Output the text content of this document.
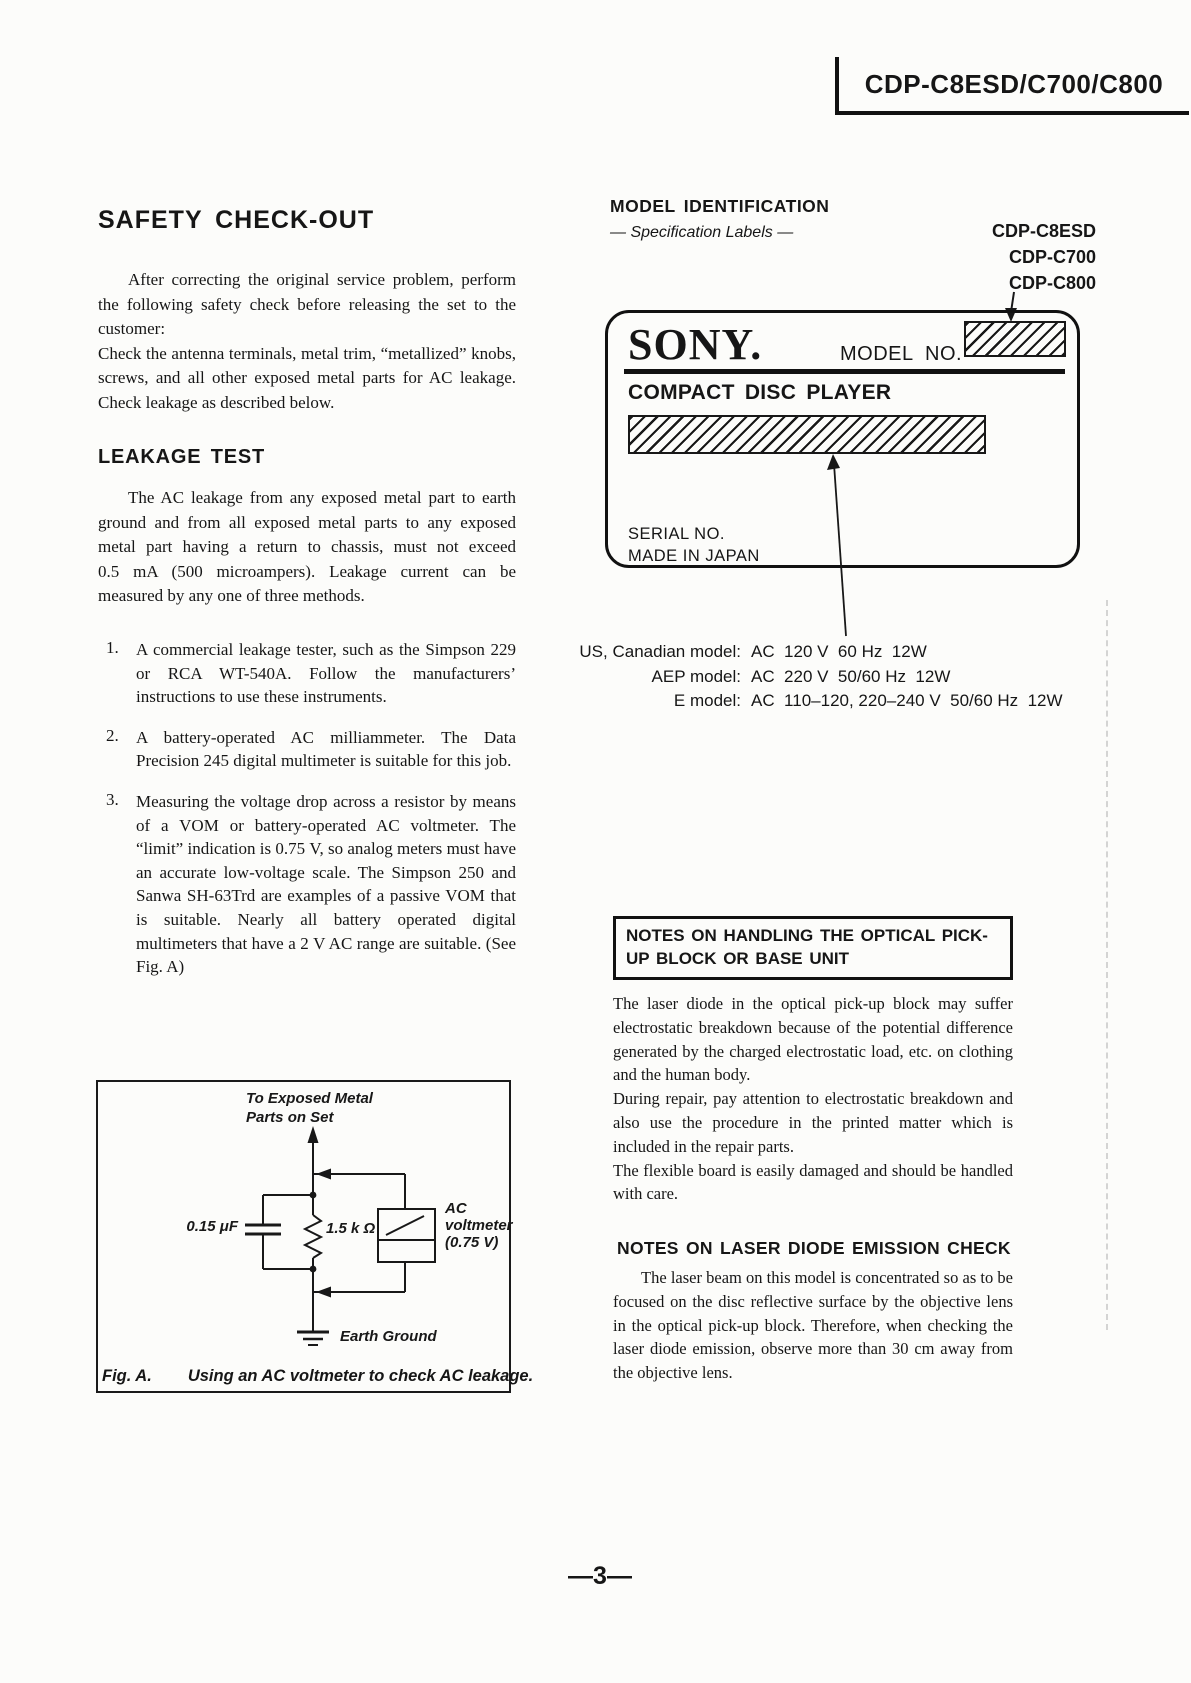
CDP-C8ESD/C700/C800
SAFETY CHECK-OUT
After correcting the original service problem, perform the following safety check before releasing the set to the customer:
Check the antenna terminals, metal trim, “metallized” knobs, screws, and all other exposed metal parts for AC leakage. Check leakage as described below.
LEAKAGE TEST
The AC leakage from any exposed metal part to earth ground and from all exposed metal parts to any exposed metal part having a return to chassis, must not exceed 0.5 mA (500 microampers). Leakage current can be measured by any one of three methods.
1.	A commercial leakage tester, such as the Simpson 229 or RCA WT-540A. Follow the manufacturers’ instructions to use these instruments.
2.	A battery-operated AC milliammeter. The Data Precision 245 digital multimeter is suitable for this job.
3.	Measuring the voltage drop across a resistor by means of a VOM or battery-operated AC voltmeter. The “limit” indication is 0.75 V, so analog meters must have an accurate low-voltage scale. The Simpson 250 and Sanwa SH-63Trd are examples of a passive VOM that is suitable. Nearly all battery operated digital multimeters that have a 2 V AC range are suitable. (See Fig. A)
To Exposed Metal
Parts on Set
0.15 μF	1.5 k Ω
AC
voltmeter
(0.75 V)
Earth Ground
Fig. A. Using an AC voltmeter to check AC leakage.
MODEL IDENTIFICATION
— Specification Labels —	CDP-C8ESD
CDP-C700
CDP-C800
SONY.	MODEL  NO.
COMPACT DISC PLAYER
SERIAL NO.
MADE IN JAPAN
US, Canadian model: AC  120 V  60 Hz  12W
AEP model: AC  220 V  50/60 Hz  12W
E model: AC  110–120, 220–240 V  50/60 Hz  12W
NOTES ON HANDLING THE OPTICAL PICK-UP BLOCK OR BASE UNIT
The laser diode in the optical pick-up block may suffer electrostatic breakdown because of the potential difference generated by the charged electrostatic load, etc. on clothing and the human body.
During repair, pay attention to electrostatic breakdown and also use the procedure in the printed matter which is included in the repair parts.
The flexible board is easily damaged and should be handled with care.
NOTES ON LASER DIODE EMISSION CHECK
The laser beam on this model is concentrated so as to be focused on the disc reflective surface by the objective lens in the optical pick-up block. Therefore, when checking the laser diode emission, observe more than 30 cm away from the objective lens.
—3—
